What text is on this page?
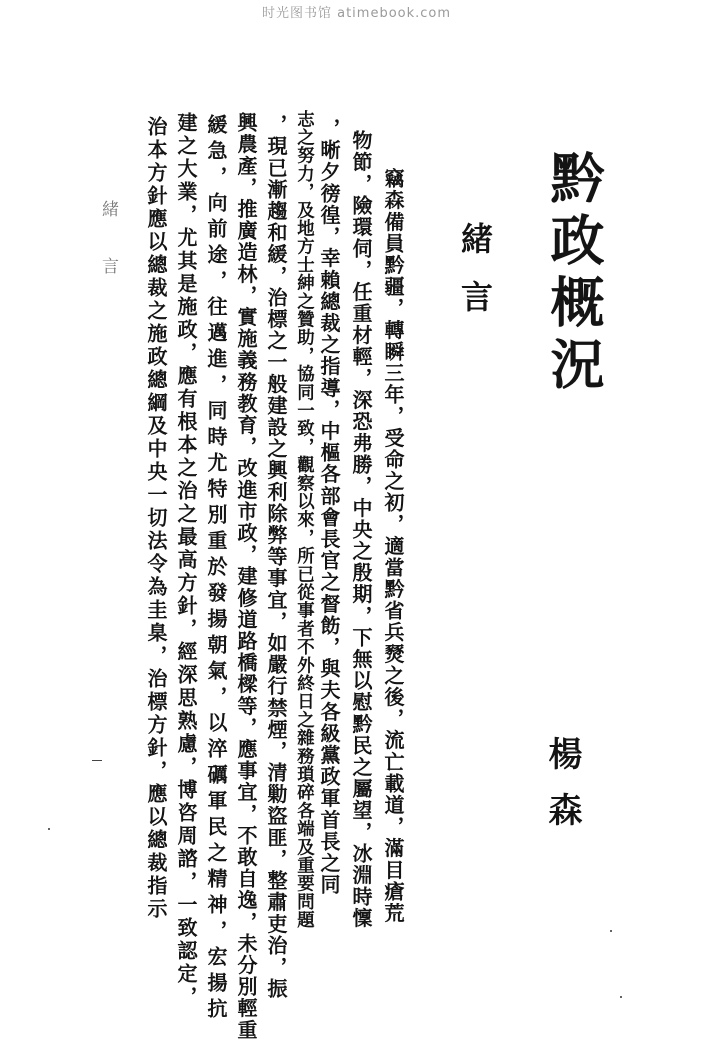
时光图书馆 atimebook.com
黔政概況
緒言
楊森
竊森備員黔疆，轉瞬三年，受命之初，適當黔省兵燹之後，流亡載道，滿目瘡荒
物節，險環伺，任重材輕，深恐弗勝，中央之殷期，下無以慰黔民之屬望，冰淵時懍
，晰夕徬徨，幸賴總裁之指導，中樞各部會長官之督飭，與夫各級黨政軍首長之同
志之努力，及地方士紳之贊助，協同一致，觀察以來，所已從事者不外終日之雜務瑣碎各端及重要問題
，現已漸趨和緩，治標之一般建設之興利除弊等事宜，如嚴行禁煙，清勦盜匪，整肅吏治，振
興農產，推廣造林，實施義務教育，改進市政，建修道路橋樑等，應事宜，不敢自逸，未分別輕重
緩急，向前途，往邁進，同時尤特別重於發揚朝氣，以淬礪軍民之精神，宏揚抗
建之大業，尤其是施政，應有根本之治之最高方針，經深思熟慮，博咨周諮，一致認定，
治本方針應以總裁之施政總綱及中央一切法令為圭臬，治標方針，應以總裁指示
緒言
